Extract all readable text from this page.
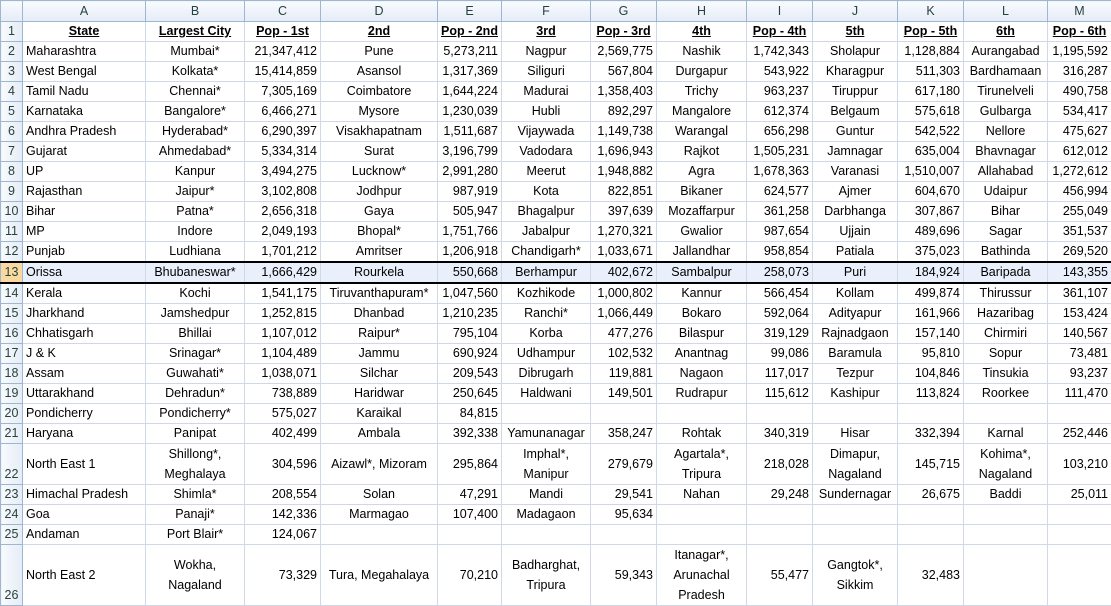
	A	B	C	D	E	F	G	H	I	J	K	L	M
1	State	Largest City	Pop - 1st	2nd	Pop - 2nd	3rd	Pop - 3rd	4th	Pop - 4th	5th	Pop - 5th	6th	Pop - 6th
2	Maharashtra	Mumbai*	21,347,412	Pune	5,273,211	Nagpur	2,569,775	Nashik	1,742,343	Sholapur	1,128,884	Aurangabad	1,195,592
3	West Bengal	Kolkata*	15,414,859	Asansol	1,317,369	Siliguri	567,804	Durgapur	543,922	Kharagpur	511,303	Bardhamaan	316,287
4	Tamil Nadu	Chennai*	7,305,169	Coimbatore	1,644,224	Madurai	1,358,403	Trichy	963,237	Tiruppur	617,180	Tirunelveli	490,758
5	Karnataka	Bangalore*	6,466,271	Mysore	1,230,039	Hubli	892,297	Mangalore	612,374	Belgaum	575,618	Gulbarga	534,417
6	Andhra Pradesh	Hyderabad*	6,290,397	Visakhapatnam	1,511,687	Vijaywada	1,149,738	Warangal	656,298	Guntur	542,522	Nellore	475,627
7	Gujarat	Ahmedabad*	5,334,314	Surat	3,196,799	Vadodara	1,696,943	Rajkot	1,505,231	Jamnagar	635,004	Bhavnagar	612,012
8	UP	Kanpur	3,494,275	Lucknow*	2,991,280	Meerut	1,948,882	Agra	1,678,363	Varanasi	1,510,007	Allahabad	1,272,612
9	Rajasthan	Jaipur*	3,102,808	Jodhpur	987,919	Kota	822,851	Bikaner	624,577	Ajmer	604,670	Udaipur	456,994
10	Bihar	Patna*	2,656,318	Gaya	505,947	Bhagalpur	397,639	Mozaffarpur	361,258	Darbhanga	307,867	Bihar	255,049
11	MP	Indore	2,049,193	Bhopal*	1,751,766	Jabalpur	1,270,321	Gwalior	987,654	Ujjain	489,696	Sagar	351,537
12	Punjab	Ludhiana	1,701,212	Amritser	1,206,918	Chandigarh*	1,033,671	Jallandhar	958,854	Patiala	375,023	Bathinda	269,520
13	Orissa	Bhubaneswar*	1,666,429	Rourkela	550,668	Berhampur	402,672	Sambalpur	258,073	Puri	184,924	Baripada	143,355
14	Kerala	Kochi	1,541,175	Tiruvanthapuram*	1,047,560	Kozhikode	1,000,802	Kannur	566,454	Kollam	499,874	Thirussur	361,107
15	Jharkhand	Jamshedpur	1,252,815	Dhanbad	1,210,235	Ranchi*	1,066,449	Bokaro	592,064	Adityapur	161,966	Hazaribag	153,424
16	Chhatisgarh	Bhillai	1,107,012	Raipur*	795,104	Korba	477,276	Bilaspur	319,129	Rajnadgaon	157,140	Chirmiri	140,567
17	J & K	Srinagar*	1,104,489	Jammu	690,924	Udhampur	102,532	Anantnag	99,086	Baramula	95,810	Sopur	73,481
18	Assam	Guwahati*	1,038,071	Silchar	209,543	Dibrugarh	119,881	Nagaon	117,017	Tezpur	104,846	Tinsukia	93,237
19	Uttarakhand	Dehradun*	738,889	Haridwar	250,645	Haldwani	149,501	Rudrapur	115,612	Kashipur	113,824	Roorkee	111,470
20	Pondicherry	Pondicherry*	575,027	Karaikal	84,815								
21	Haryana	Panipat	402,499	Ambala	392,338	Yamunanagar	358,247	Rohtak	340,319	Hisar	332,394	Karnal	252,446
22	North East 1	Shillong*, Meghalaya	304,596	Aizawl*, Mizoram	295,864	Imphal*, Manipur	279,679	Agartala*, Tripura	218,028	Dimapur, Nagaland	145,715	Kohima*, Nagaland	103,210
23	Himachal Pradesh	Shimla*	208,554	Solan	47,291	Mandi	29,541	Nahan	29,248	Sundernagar	26,675	Baddi	25,011
24	Goa	Panaji*	142,336	Marmagao	107,400	Madagaon	95,634						
25	Andaman	Port Blair*	124,067										
26	North East 2	Wokha, Nagaland	73,329	Tura, Megahalaya	70,210	Badharghat, Tripura	59,343	Itanagar*, Arunachal Pradesh	55,477	Gangtok*, Sikkim	32,483		
